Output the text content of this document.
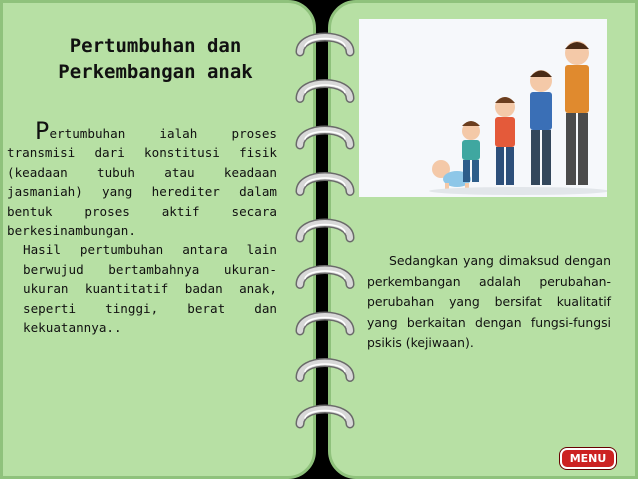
Pertumbuhan dan
Perkembangan anak
Pertumbuhan ialah proses transmisi dari konstitusi fisik (keadaan tubuh atau keadaan jasmaniah) yang herediter dalam bentuk proses aktif secara berkesinambungan.
Hasil pertumbuhan antara lain berwujud bertambahnya ukuran-ukuran kuantitatif badan anak, seperti tinggi, berat dan kekuatannya..
Sedangkan yang dimaksud dengan perkembangan adalah perubahan-perubahan yang bersifat kualitatif yang berkaitan dengan fungsi-fungsi psikis (kejiwaan).
MENU
